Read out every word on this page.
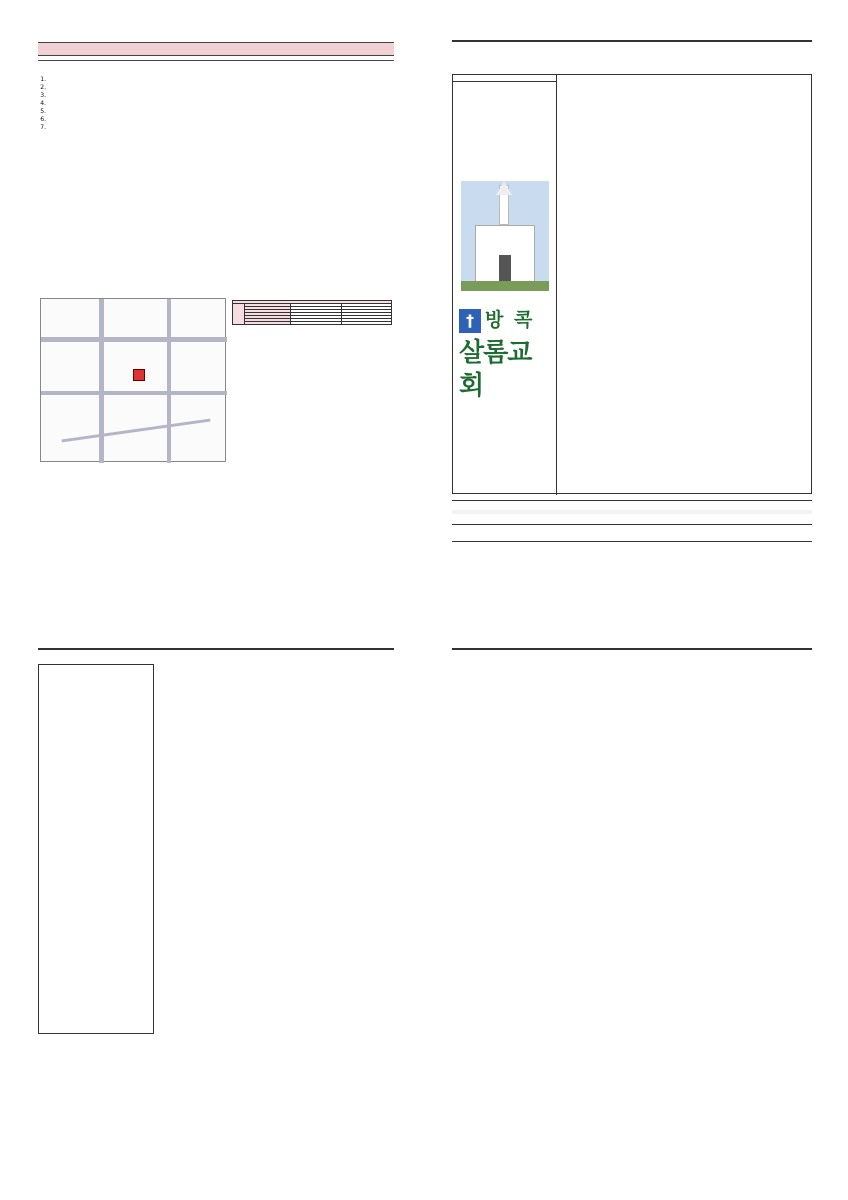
1.
2.
3.
4.
5.
6.
7.

† 방 콕
살롬교회
